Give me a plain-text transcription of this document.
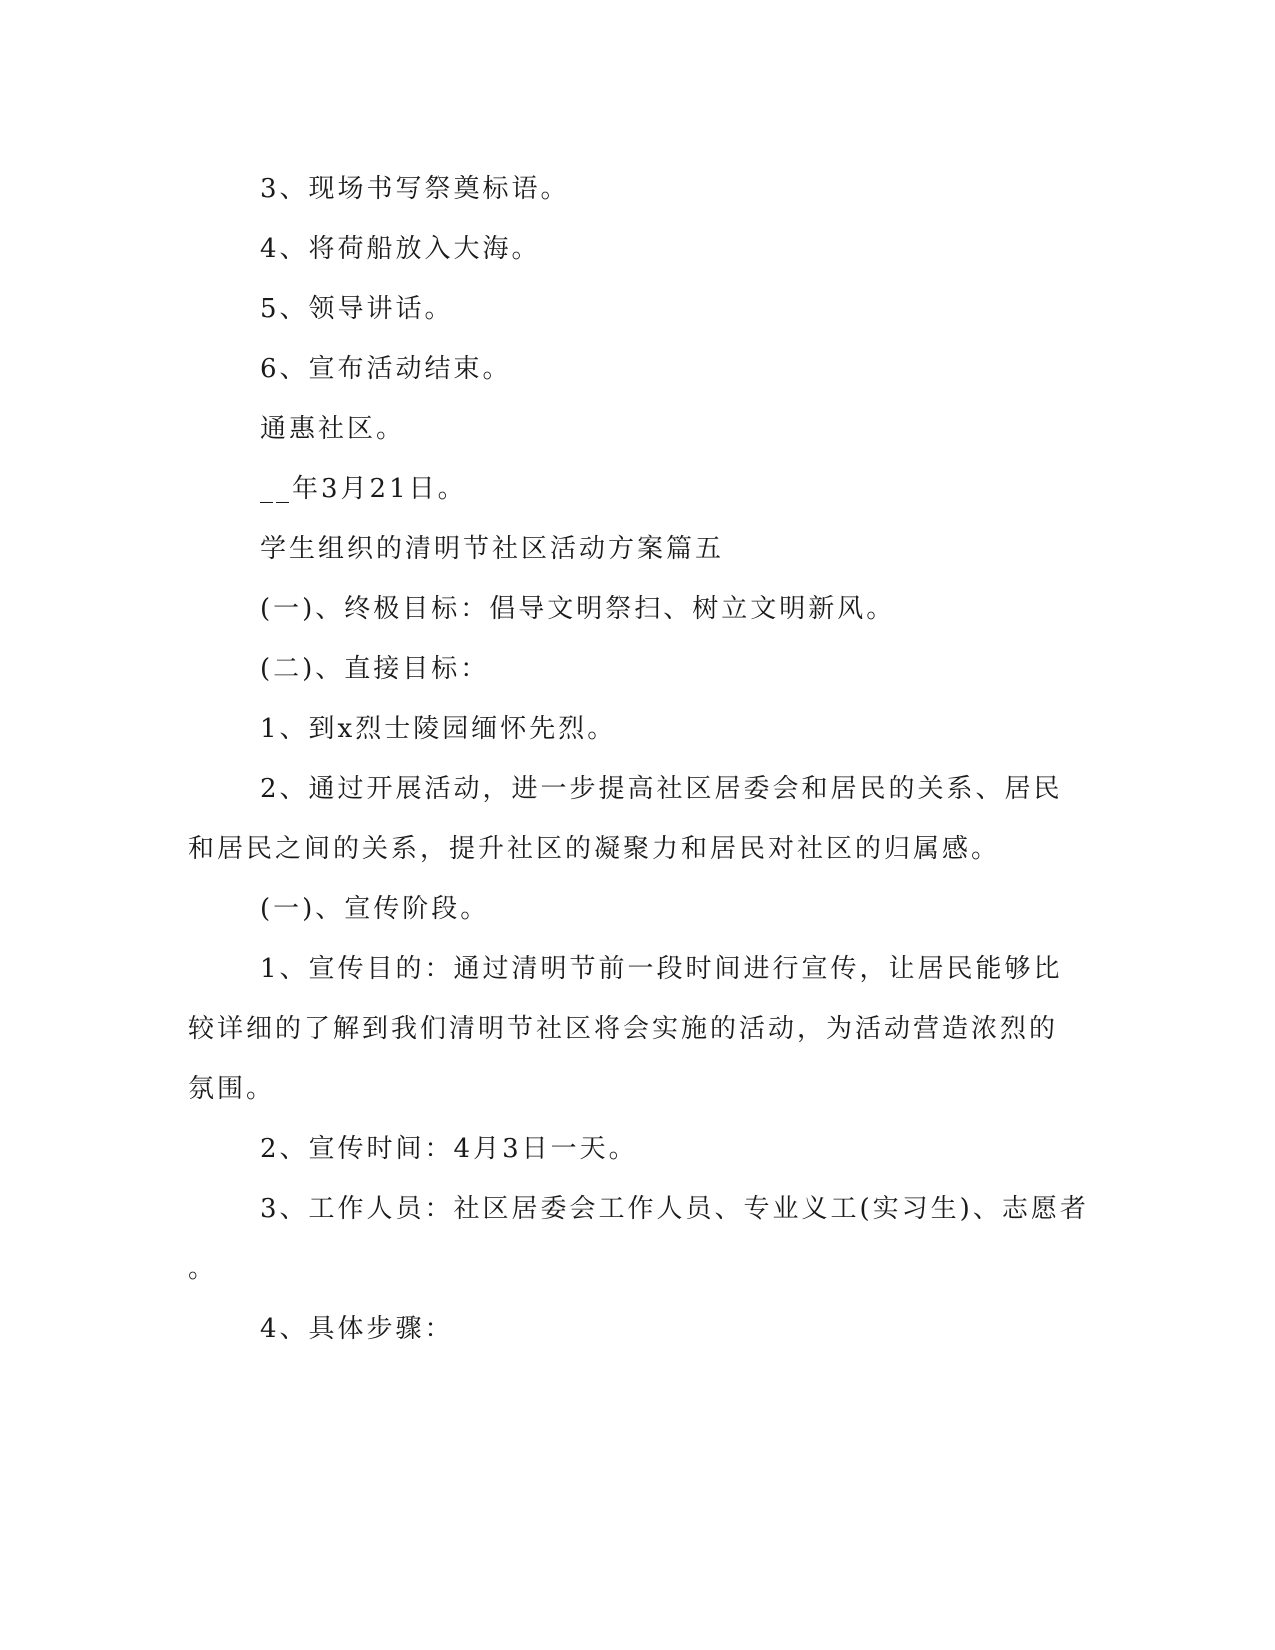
3、现场书写祭奠标语。
4、将荷船放入大海。
5、领导讲话。
6、宣布活动结束。
通惠社区。
__年3月21日。
学生组织的清明节社区活动方案篇五
(一)、终极目标：倡导文明祭扫、树立文明新风。
(二)、直接目标：
1、到x烈士陵园缅怀先烈。
2、通过开展活动，进一步提高社区居委会和居民的关系、居民
和居民之间的关系，提升社区的凝聚力和居民对社区的归属感。
(一)、宣传阶段。
1、宣传目的：通过清明节前一段时间进行宣传，让居民能够比
较详细的了解到我们清明节社区将会实施的活动，为活动营造浓烈的
氛围。
2、宣传时间：4月3日一天。
3、工作人员：社区居委会工作人员、专业义工(实习生)、志愿者
。
4、具体步骤：
